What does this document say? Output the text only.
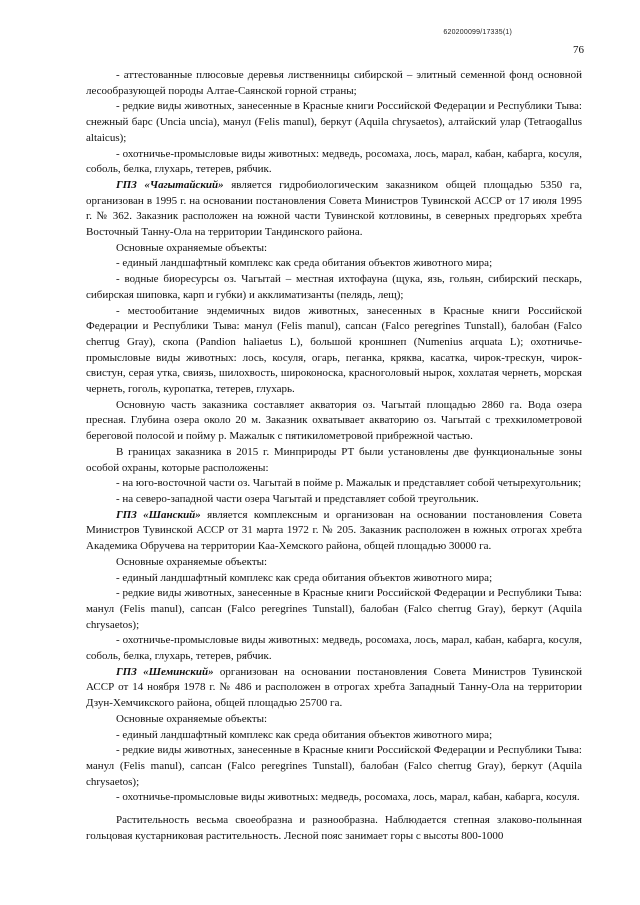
620200099/17335(1)
76

- аттестованные плюсовые деревья лиственницы сибирской – элитный семенной фонд основной лесообразующей породы Алтае-Саянской горной страны;

- редкие виды животных, занесенные в Красные книги Российской Федерации и Республики Тыва: снежный барс (Uncia uncia), манул (Felis manul), беркут (Aquila chrysaetos), алтайский улар (Tetraogallus altaicus);

- охотничье-промысловые виды животных: медведь, росомаха, лось, марал, кабан, кабарга, косуля, соболь, белка, глухарь, тетерев, рябчик.

ГПЗ «Чагытайский» является гидробиологическим заказником общей площадью 5350 га, организован в 1995 г. на основании постановления Совета Министров Тувинской АССР от 17 июля 1995 г. № 362. Заказник расположен на южной части Тувинской котловины, в северных предгорьях хребта Восточный Танну-Ола на территории Тандинского района.

Основные охраняемые объекты:

- единый ландшафтный комплекс как среда обитания объектов животного мира;

- водные биоресурсы оз. Чагытай – местная ихтофауна (щука, язь, гольян, сибирский пескарь, сибирская шиповка, карп и губки) и акклиматизанты (пелядь, лещ);

- местообитание эндемичных видов животных, занесенных в Красные книги Российской Федерации и Республики Тыва: манул (Felis manul), сапсан (Falco peregrines Tunstall), балобан (Falco cherrug Gray), скопа (Pandion haliaetus L), большой кроншнеп (Numenius arquata L); охотничье-промысловые виды животных: лось, косуля, огарь, пеганка, кряква, касатка, чирок-трескун, чирок-свистун, серая утка, свиязь, шилохвость, широконоска, красноголовый нырок, хохлатая чернеть, морская чернеть, гоголь, куропатка, тетерев, глухарь.

Основную часть заказника составляет акватория оз. Чагытай площадью 2860 га. Вода озера пресная. Глубина озера около 20 м. Заказник охватывает акваторию оз. Чагытай с трехкилометровой береговой полосой и пойму р. Мажалык с пятикилометровой прибрежной частью.

В границах заказника в 2015 г. Минприроды РТ были установлены две функциональные зоны особой охраны, которые расположены:

- на юго-восточной части оз. Чагытай в пойме р. Мажалык и представляет собой четырехугольник;

- на северо-западной части озера Чагытай и представляет собой треугольник.

ГПЗ «Шанский» является комплексным и организован на основании постановления Совета Министров Тувинской АССР от 31 марта 1972 г. № 205. Заказник расположен в южных отрогах хребта Академика Обручева на территории Каа-Хемского района, общей площадью 30000 га.

Основные охраняемые объекты:

- единый ландшафтный комплекс как среда обитания объектов животного мира;

- редкие виды животных, занесенные в Красные книги Российской Федерации и Республики Тыва: манул (Felis manul), сапсан (Falco peregrines Tunstall), балобан (Falco cherrug Gray), беркут (Aquila chrysaetos);

- охотничье-промысловые виды животных: медведь, росомаха, лось, марал, кабан, кабарга, косуля, соболь, белка, глухарь, тетерев, рябчик.

ГПЗ «Шеминский» организован на основании постановления Совета Министров Тувинской АССР от 14 ноября 1978 г. № 486 и расположен в отрогах хребта Западный Танну-Ола на территории Дзун-Хемчикского района, общей площадью 25700 га.

Основные охраняемые объекты:

- единый ландшафтный комплекс как среда обитания объектов животного мира;

- редкие виды животных, занесенные в Красные книги Российской Федерации и Республики Тыва: манул (Felis manul), сапсан (Falco peregrines Tunstall), балобан (Falco cherrug Gray), беркут (Aquila chrysaetos);

- охотничье-промысловые виды животных: медведь, росомаха, лось, марал, кабан, кабарга, косуля.

Растительность весьма своеобразна и разнообразна. Наблюдается степная злаково-полынная гольцовая кустарниковая растительность. Лесной пояс занимает горы с высоты 800-1000
